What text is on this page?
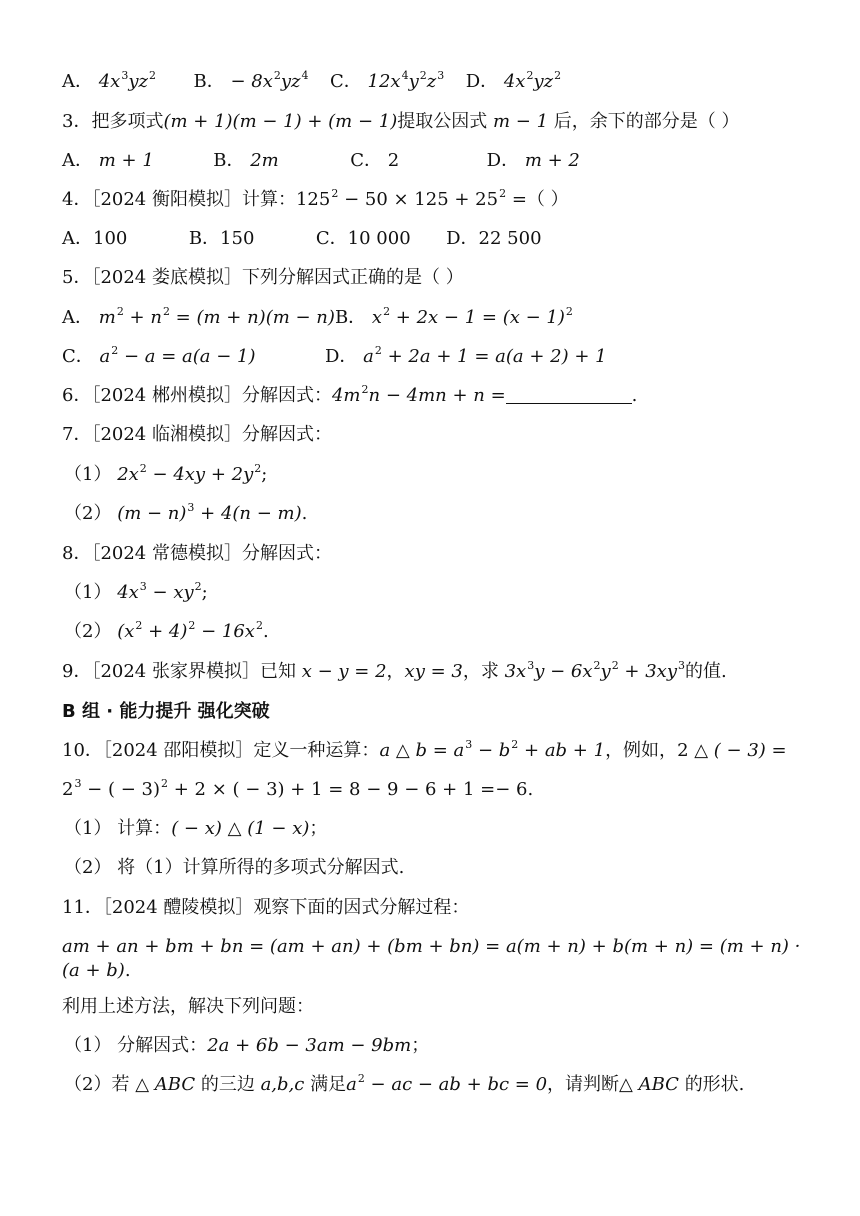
A． $4x^3yz^2$ B． − $8x^2yz^4$ C． $12x^4y^2z^3$ D． $4x^2yz^2$
3．把多项式(m + 1)(m − 1) + (m − 1)提取公因式 m − 1 后，余下的部分是（ ）
A． m + 1	B． 2m	C． 2	D． m + 2
4．［2024 衡阳模拟］计算：$125^2 - 50 \times 125 + 25^2$ =（ ）
A．100	B．150	C．10 000 D．22 500
5．［2024 娄底模拟］下列分解因式正确的是（ ）
A． $m^2 + n^2 = (m + n)(m - n)B$． $x^2 + 2x - 1 = (x - 1)^2$
C． $a^2 - a = a(a - 1)$	D． $a^2 + 2a + 1 = a(a + 2) + 1$
6．［2024 郴州模拟］分解因式：$4m^2n - 4mn + n$ =	.
7．［2024 临湘模拟］分解因式：
（1） $2x^2 - 4xy + 2y^2$;
（2） $(m - n)^3 + 4(n - m)$.
8．［2024 常德模拟］分解因式：
（1） $4x^3 - xy^2$;
（2） $(x^2 + 4)^2 - 16x^2$.
9．［2024 张家界模拟］已知 x − y = 2，xy = 3，求 $3x^3y - 6x^2y^2 + 3xy^3$的值.
B 组 · 能力提升 强化突破
10．［2024 邵阳模拟］定义一种运算：a △ $b = a^3 - b^2$ + ab + 1，例如，2 △ ( − 3) =
$2^3$ − ( − 3)$^2$ + 2 × ( − 3) + 1 = 8 − 9 − 6 + 1 =− 6.
（1） 计算：( − x) △ (1 − x)；
（2） 将（1）计算所得的多项式分解因式.
11．［2024 醴陵模拟］观察下面的因式分解过程：
am + an + bm + bn = (am + an) + (bm + bn) = a(m + n) + b(m + n) = (m + n) ·
(a + b).
利用上述方法，解决下列问题：
（1） 分解因式：2a + 6b − 3am − 9bm；
（2）若 △ ABC 的三边 a,b,c 满足$a^2$ − ac − ab + bc = 0，请判断△ ABC 的形状.
